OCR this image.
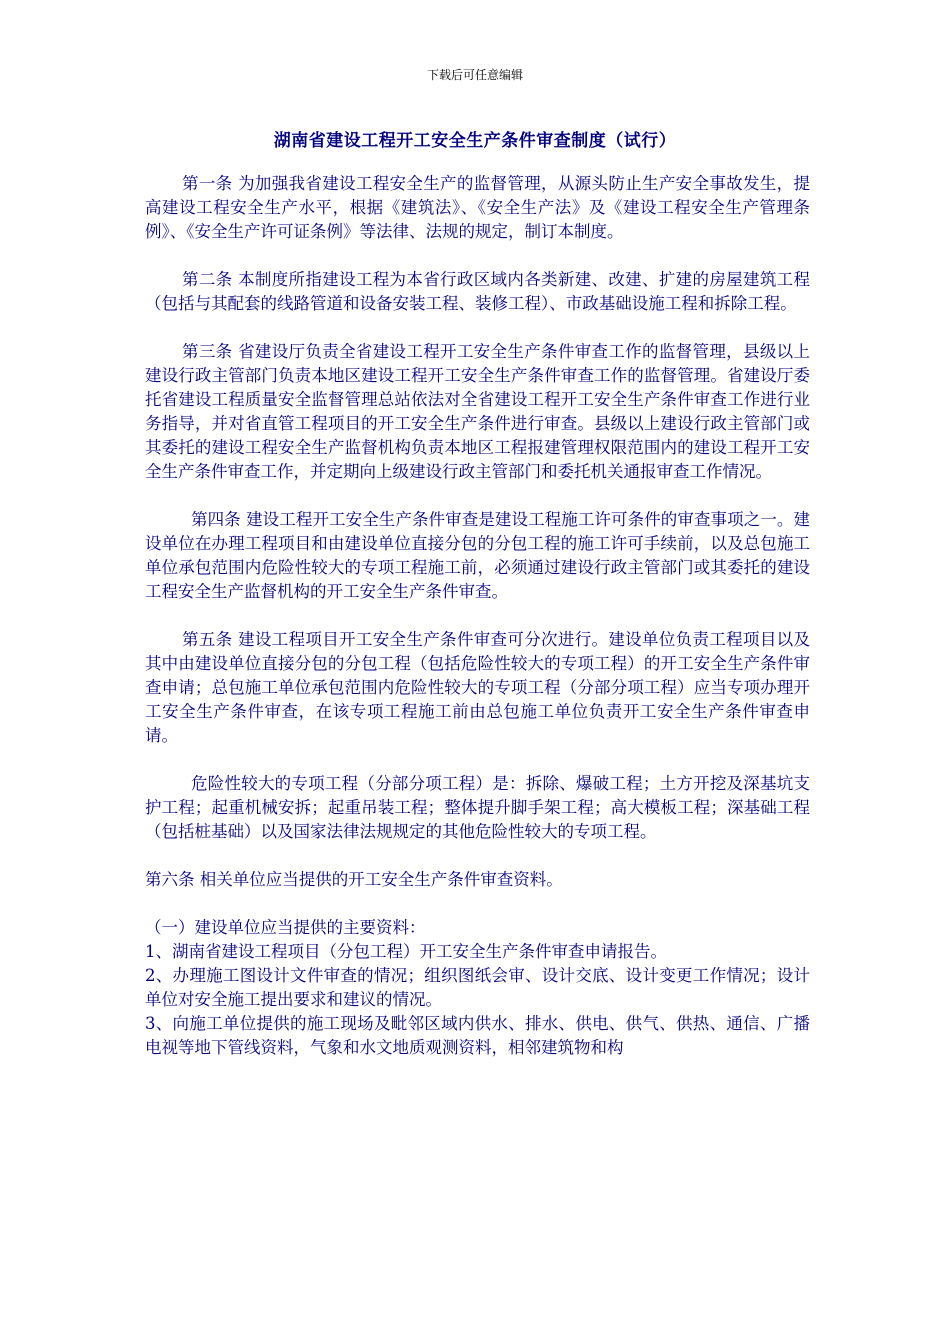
下载后可任意编辑
湖南省建设工程开工安全生产条件审查制度（试行）

第一条 为加强我省建设工程安全生产的监督管理，从源头防止生产安全事故发生，提高建设工程安全生产水平，根据《建筑法》、《安全生产法》及《建设工程安全生产管理条例》、《安全生产许可证条例》等法律、法规的规定，制订本制度。

第二条 本制度所指建设工程为本省行政区域内各类新建、改建、扩建的房屋建筑工程（包括与其配套的线路管道和设备安装工程、装修工程）、市政基础设施工程和拆除工程。

第三条 省建设厅负责全省建设工程开工安全生产条件审查工作的监督管理，县级以上建设行政主管部门负责本地区建设工程开工安全生产条件审查工作的监督管理。省建设厅委托省建设工程质量安全监督管理总站依法对全省建设工程开工安全生产条件审查工作进行业务指导，并对省直管工程项目的开工安全生产条件进行审查。县级以上建设行政主管部门或其委托的建设工程安全生产监督机构负责本地区工程报建管理权限范围内的建设工程开工安全生产条件审查工作，并定期向上级建设行政主管部门和委托机关通报审查工作情况。

第四条 建设工程开工安全生产条件审查是建设工程施工许可条件的审查事项之一。建设单位在办理工程项目和由建设单位直接分包的分包工程的施工许可手续前，以及总包施工单位承包范围内危险性较大的专项工程施工前，必须通过建设行政主管部门或其委托的建设工程安全生产监督机构的开工安全生产条件审查。

第五条 建设工程项目开工安全生产条件审查可分次进行。建设单位负责工程项目以及其中由建设单位直接分包的分包工程（包括危险性较大的专项工程）的开工安全生产条件审查申请；总包施工单位承包范围内危险性较大的专项工程（分部分项工程）应当专项办理开工安全生产条件审查，在该专项工程施工前由总包施工单位负责开工安全生产条件审查申请。

危险性较大的专项工程（分部分项工程）是：拆除、爆破工程；土方开挖及深基坑支护工程；起重机械安拆；起重吊装工程；整体提升脚手架工程；高大模板工程；深基础工程（包括桩基础）以及国家法律法规规定的其他危险性较大的专项工程。

第六条 相关单位应当提供的开工安全生产条件审查资料。

（一）建设单位应当提供的主要资料：

1、湖南省建设工程项目（分包工程）开工安全生产条件审查申请报告。

2、办理施工图设计文件审查的情况；组织图纸会审、设计交底、设计变更工作情况；设计单位对安全施工提出要求和建议的情况。

3、向施工单位提供的施工现场及毗邻区域内供水、排水、供电、供气、供热、通信、广播电视等地下管线资料，气象和水文地质观测资料，相邻建筑物和构
